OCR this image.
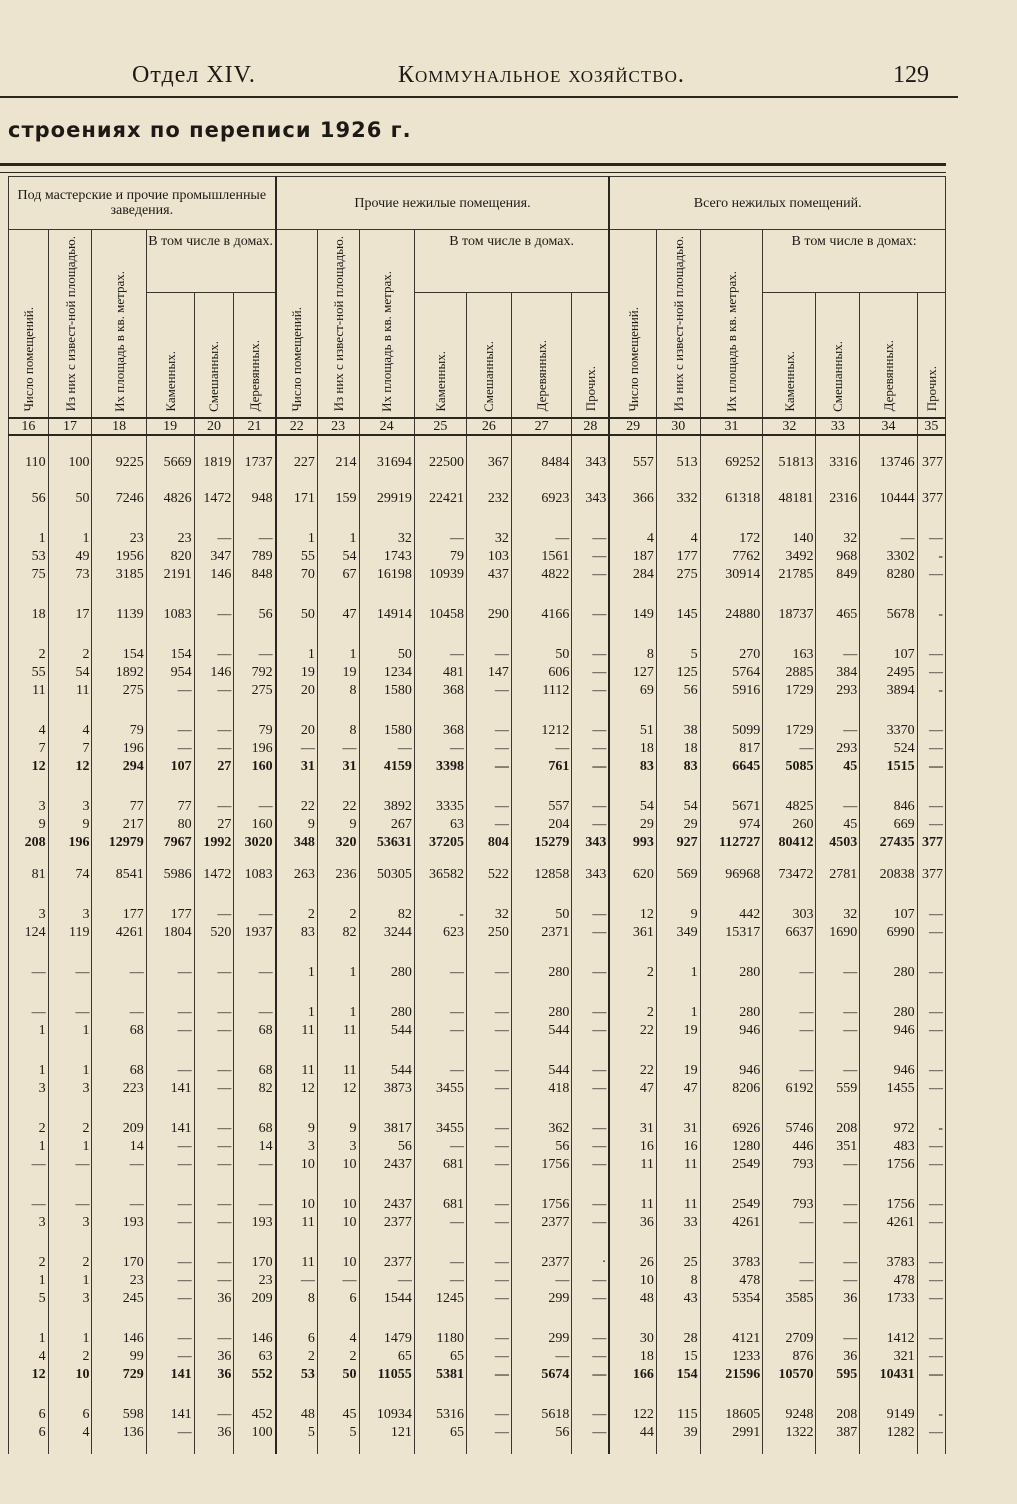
Отдел XIV.	Коммунальное хозяйство.	129
строениях по переписи 1926 г.
Под мастерские и прочие промышленные заведения.						Прочие нежилые помещения.							Всего нежилых помещений.						

Число помещений.	Из них с извест-ной площадью.	Их площадь в кв. метрах.	В том числе в домах.			Число помещений.	Из них с извест-ной площадью.	Их площадь в кв. метрах.	В том числе в домах.				Число помещений.	Из них с извест-ной площадью.	Их площадь в кв. метрах.	В том числе в домах:			

			Каменных.	Смешанных.	Деревянных.				Каменных.	Смешанных.	Деревянных.	Прочих.				Каменных.	Смешанных.	Деревянных.	Прочих.

16	17	18	19	20	21	22	23	24	25	26	27	28	29	30	31	32	33	34	35

110	100	9225	5669	1819	1737	227	214	31694	22500	367	8484	343	557	513	69252	51813	3316	13746	377

56	50	7246	4826	1472	948	171	159	29919	22421	232	6923	343	366	332	61318	48181	2316	10444	377

1	1	23	23	—	—	1	1	32	—	32	—	—	4	4	172	140	32	—	—
53	49	1956	820	347	789	55	54	1743	79	103	1561	—	187	177	7762	3492	968	3302	-
75	73	3185	2191	146	848	70	67	16198	10939	437	4822	—	284	275	30914	21785	849	8280	—

18	17	1139	1083	—	56	50	47	14914	10458	290	4166	—	149	145	24880	18737	465	5678	-

2	2	154	154	—	—	1	1	50	—	—	50	—	8	5	270	163	—	107	—
55	54	1892	954	146	792	19	19	1234	481	147	606	—	127	125	5764	2885	384	2495	—
11	11	275	—	—	275	20	8	1580	368	—	1112	—	69	56	5916	1729	293	3894	-

4	4	79	—	—	79	20	8	1580	368	—	1212	—	51	38	5099	1729	—	3370	—
7	7	196	—	—	196	—	—	—	—	—	—	—	18	18	817	—	293	524	—
12	12	294	107	27	160	31	31	4159	3398	—	761	—	83	83	6645	5085	45	1515	—

3	3	77	77	—	—	22	22	3892	3335	—	557	—	54	54	5671	4825	—	846	—
9	9	217	80	27	160	9	9	267	63	—	204	—	29	29	974	260	45	669	—
208	196	12979	7967	1992	3020	348	320	53631	37205	804	15279	343	993	927	112727	80412	4503	27435	377

81	74	8541	5986	1472	1083	263	236	50305	36582	522	12858	343	620	569	96968	73472	2781	20838	377

3	3	177	177	—	—	2	2	82	-	32	50	—	12	9	442	303	32	107	—
124	119	4261	1804	520	1937	83	82	3244	623	250	2371	—	361	349	15317	6637	1690	6990	—

—	—	—	—	—	—	1	1	280	—	—	280	—	2	1	280	—	—	280	—

—	—	—	—	—	—	1	1	280	—	—	280	—	2	1	280	—	—	280	—
1	1	68	—	—	68	11	11	544	—	—	544	—	22	19	946	—	—	946	—

1	1	68	—	—	68	11	11	544	—	—	544	—	22	19	946	—	—	946	—
3	3	223	141	—	82	12	12	3873	3455	—	418	—	47	47	8206	6192	559	1455	—

2	2	209	141	—	68	9	9	3817	3455	—	362	—	31	31	6926	5746	208	972	-
1	1	14	—	—	14	3	3	56	—	—	56	—	16	16	1280	446	351	483	—
—	—	—	—	—	—	10	10	2437	681	—	1756	—	11	11	2549	793	—	1756	—

—	—	—	—	—	—	10	10	2437	681	—	1756	—	11	11	2549	793	—	1756	—
3	3	193	—	—	193	11	10	2377	—	—	2377	—	36	33	4261	—	—	4261	—

2	2	170	—	—	170	11	10	2377	—	—	2377	·	26	25	3783	—	—	3783	—
1	1	23	—	—	23	—	—	—	—	—	—	—	10	8	478	—	—	478	—
5	3	245	—	36	209	8	6	1544	1245	—	299	—	48	43	5354	3585	36	1733	—

1	1	146	—	—	146	6	4	1479	1180	—	299	—	30	28	4121	2709	—	1412	—
4	2	99	—	36	63	2	2	65	65	—	—	—	18	15	1233	876	36	321	—
12	10	729	141	36	552	53	50	11055	5381	—	5674	—	166	154	21596	10570	595	10431	—

6	6	598	141	—	452	48	45	10934	5316	—	5618	—	122	115	18605	9248	208	9149	-
6	4	136	—	36	100	5	5	121	65	—	56	—	44	39	2991	1322	387	1282	—
